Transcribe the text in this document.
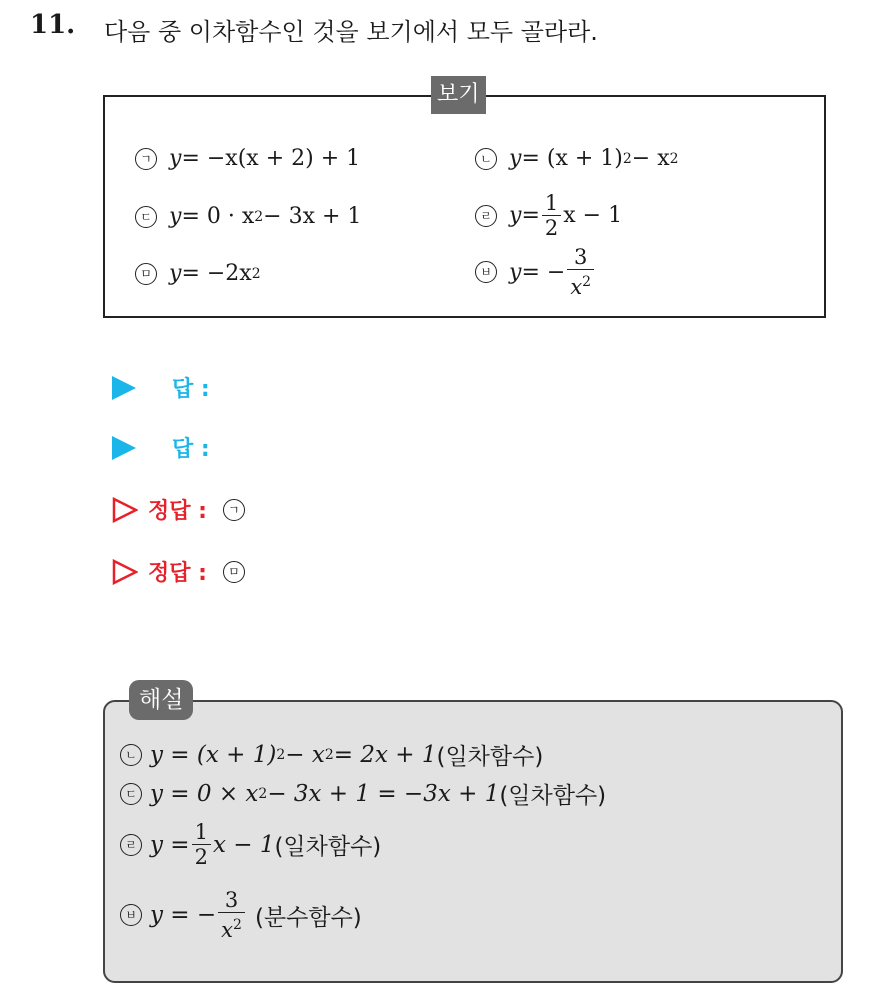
11. 다음 중 이차함수인 것을 보기에서 모두 골라라.
보기
ㄱ y = −x(x + 2) + 1	ㄴ y = (x + 1) 2 − x 2
ㄷ y = 0 · x 2 − 3x + 1	ㄹ $y = \frac{1}{2}$ x − 1
ㅁ y = −2x 2	ㅂ y = − $\frac{3}{x^2}$
답 :
답 :
정답 :	ㄱ
정답 :	ㅁ
해설
ㄴ y = (x + 1) 2 − x 2 = 2x + 1 (일차함수)
ㄷ y = 0 × x 2 − 3x + 1 = −3x + 1 (일차함수)
ㄹ $y = \frac{1}{2}$ x − 1 (일차함수)
ㅂ y = − $\frac{3}{x^2}$ (분수함수)
